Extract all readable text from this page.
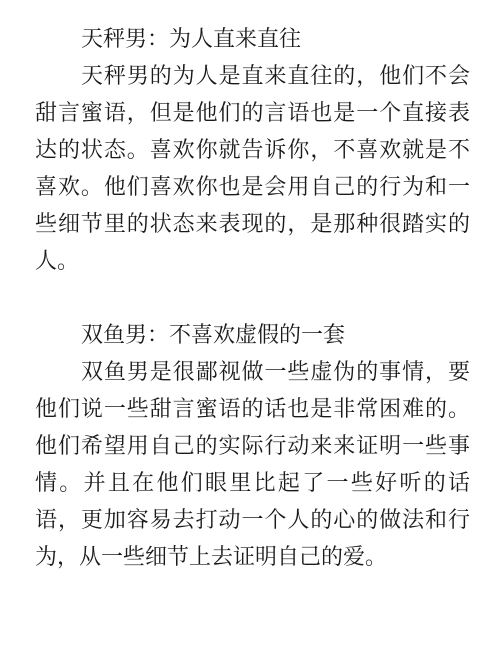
天秤男：为人直来直往

天秤男的为人是直来直往的，他们不会甜言蜜语，但是他们的言语也是一个直接表达的状态。喜欢你就告诉你，不喜欢就是不喜欢。他们喜欢你也是会用自己的行为和一些细节里的状态来表现的，是那种很踏实的人。

双鱼男：不喜欢虚假的一套

双鱼男是很鄙视做一些虚伪的事情，要他们说一些甜言蜜语的话也是非常困难的。他们希望用自己的实际行动来来证明一些事情。并且在他们眼里比起了一些好听的话语，更加容易去打动一个人的心的做法和行为，从一些细节上去证明自己的爱。
